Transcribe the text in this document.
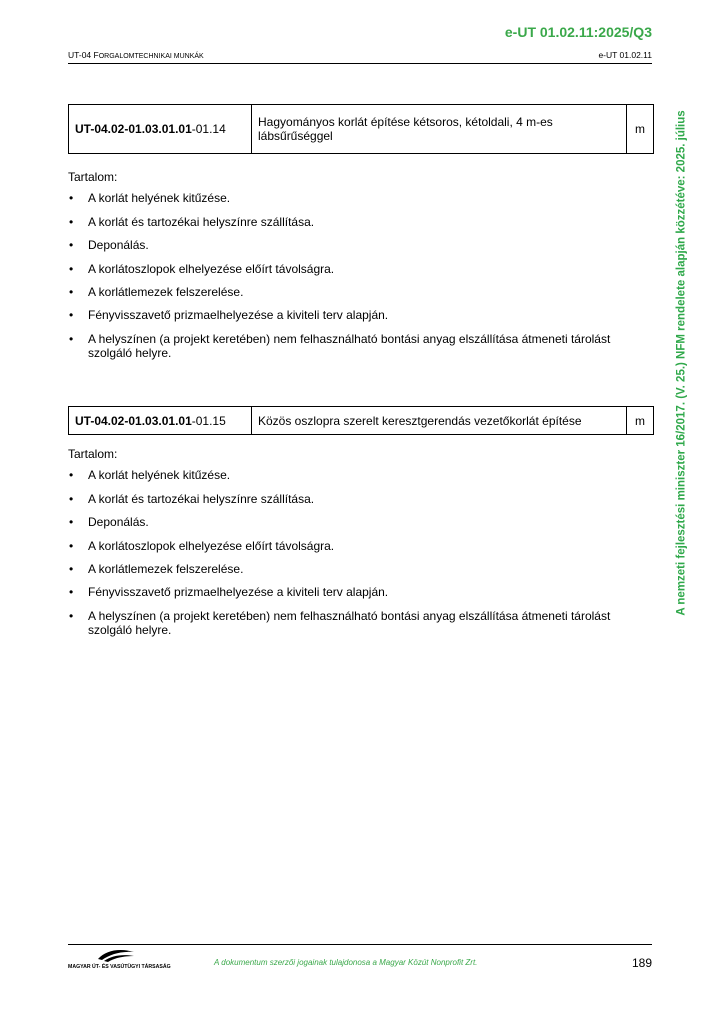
e-UT 01.02.11:2025/Q3
UT-04 FORGALOMTECHNIKAI MUNKÁK	e-UT 01.02.11
A nemzeti fejlesztési miniszter 16/2017. (V. 25.) NFM rendelete alapján közzétéve: 2025. július
UT-04.02-01.03.01.01-01.14	Hagyományos korlát építése kétsoros, kétoldali, 4 m-es lábsűrűséggel	m

Tartalom:

• A korlát helyének kitűzése.
• A korlát és tartozékai helyszínre szállítása.
• Deponálás.
• A korlátoszlopok elhelyezése előírt távolságra.
• A korlátlemezek felszerelése.
• Fényvisszavető prizmaelhelyezése a kiviteli terv alapján.
• A helyszínen (a projekt keretében) nem felhasználható bontási anyag elszállítása átmeneti tárolást szolgáló helyre.
UT-04.02-01.03.01.01-01.15	Közös oszlopra szerelt keresztgerendás vezetőkorlát építése	m

Tartalom:

• A korlát helyének kitűzése.
• A korlát és tartozékai helyszínre szállítása.
• Deponálás.
• A korlátoszlopok elhelyezése előírt távolságra.
• A korlátlemezek felszerelése.
• Fényvisszavető prizmaelhelyezése a kiviteli terv alapján.
• A helyszínen (a projekt keretében) nem felhasználható bontási anyag elszállítása átmeneti tárolást szolgáló helyre.
MAGYAR ÚT- ÉS VASÚTÜGYI TÁRSASÁG	A dokumentum szerzői jogainak tulajdonosa a Magyar Közút Nonprofit Zrt.	189
